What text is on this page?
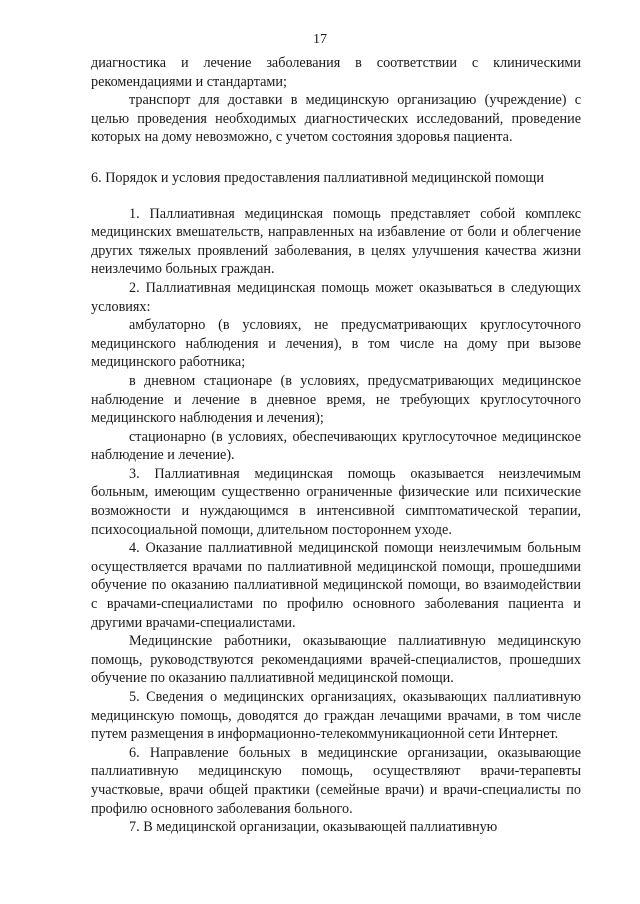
17

диагностика и лечение заболевания в соответствии с клиническими рекомендациями и стандартами;

транспорт для доставки в медицинскую организацию (учреждение) с целью проведения необходимых диагностических исследований, проведение которых на дому невозможно, с учетом состояния здоровья пациента.

6. Порядок и условия предоставления паллиативной медицинской помощи

1. Паллиативная медицинская помощь представляет собой комплекс медицинских вмешательств, направленных на избавление от боли и облегчение других тяжелых проявлений заболевания, в целях улучшения качества жизни неизлечимо больных граждан.

2. Паллиативная медицинская помощь может оказываться в следующих условиях:

амбулаторно (в условиях, не предусматривающих круглосуточного медицинского наблюдения и лечения), в том числе на дому при вызове медицинского работника;

в дневном стационаре (в условиях, предусматривающих медицинское наблюдение и лечение в дневное время, не требующих круглосуточного медицинского наблюдения и лечения);

стационарно (в условиях, обеспечивающих круглосуточное медицинское наблюдение и лечение).

3. Паллиативная медицинская помощь оказывается неизлечимым больным, имеющим существенно ограниченные физические или психические возможности и нуждающимся в интенсивной симптоматической терапии, психосоциальной помощи, длительном постороннем уходе.

4. Оказание паллиативной медицинской помощи неизлечимым больным осуществляется врачами по паллиативной медицинской помощи, прошедшими обучение по оказанию паллиативной медицинской помощи, во взаимодействии с врачами-специалистами по профилю основного заболевания пациента и другими врачами-специалистами.

Медицинские работники, оказывающие паллиативную медицинскую помощь, руководствуются рекомендациями врачей-специалистов, прошедших обучение по оказанию паллиативной медицинской помощи.

5. Сведения о медицинских организациях, оказывающих паллиативную медицинскую помощь, доводятся до граждан лечащими врачами, в том числе путем размещения в информационно-телекоммуникационной сети Интернет.

6. Направление больных в медицинские организации, оказывающие паллиативную медицинскую помощь, осуществляют врачи-терапевты участковые, врачи общей практики (семейные врачи) и врачи-специалисты по профилю основного заболевания больного.

7. В медицинской организации, оказывающей паллиативную
